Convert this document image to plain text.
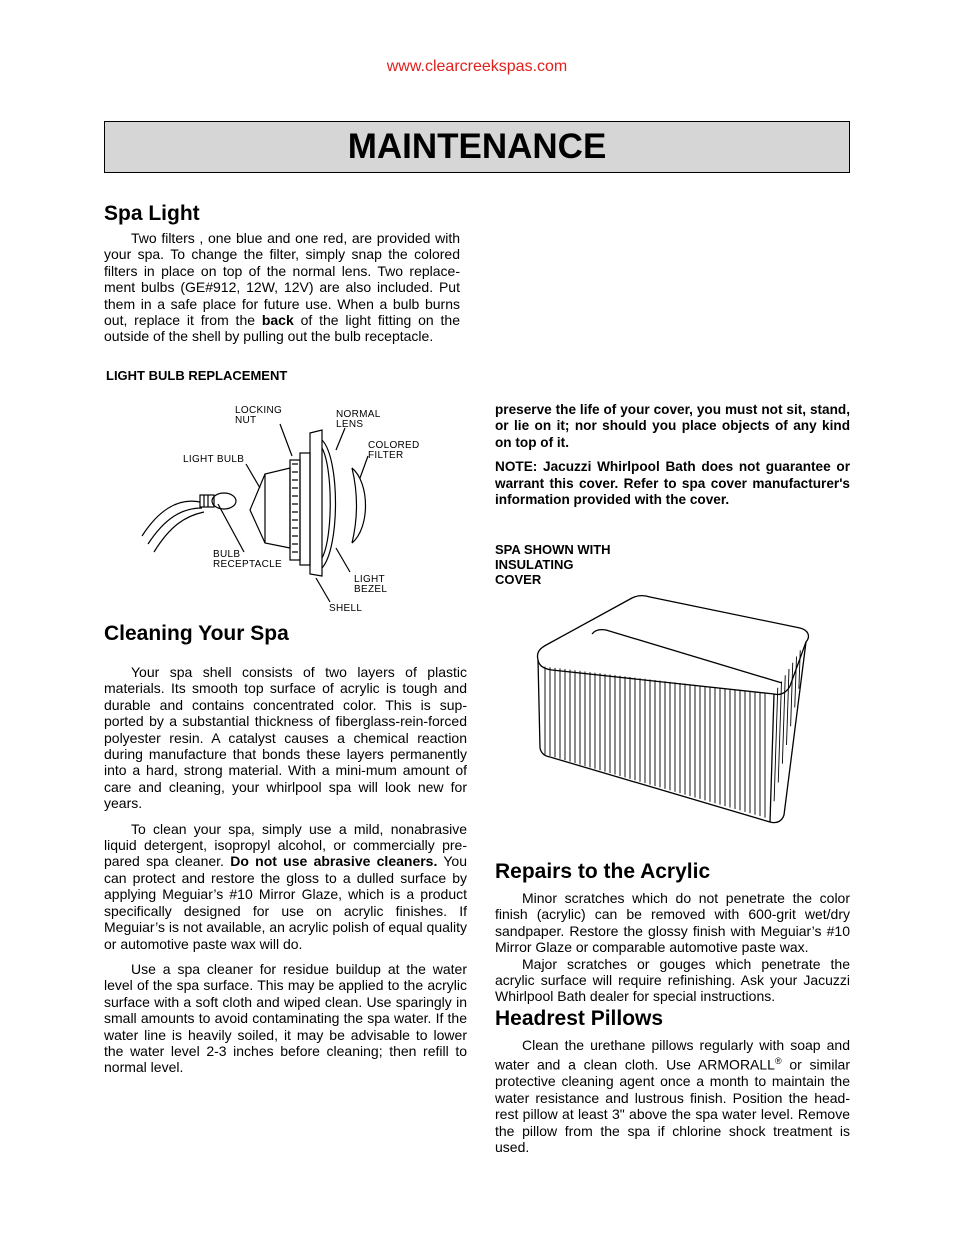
www.clearcreekspas.com
MAINTENANCE
Spa Light

Two filters , one blue and one red, are provided with your spa. To change the filter, simply snap the colored filters in place on top of the normal lens. Two replace-ment bulbs (GE#912, 12W, 12V) are also included. Put them in a safe place for future use. When a bulb burns out, replace it from the back of the light fitting on the outside of the shell by pulling out the bulb receptacle.

LIGHT BULB REPLACEMENT
LOCKING
NUT
NORMAL
LENS
COLORED
FILTER
LIGHT BULB
BULB
RECEPTACLE
LIGHT
BEZEL
SHELL
Cleaning Your Spa

Your spa shell consists of two layers of plastic materials. Its smooth top surface of acrylic is tough and durable and contains concentrated color. This is sup-ported by a substantial thickness of fiberglass-rein-forced polyester resin. A catalyst causes a chemical reaction during manufacture that bonds these layers permanently into a hard, strong material. With a mini-mum amount of care and cleaning, your whirlpool spa will look new for years.

To clean your spa, simply use a mild, nonabrasive liquid detergent, isopropyl alcohol, or commercially pre-pared spa cleaner. Do not use abrasive cleaners. You can protect and restore the gloss to a dulled surface by applying Meguiar’s #10 Mirror Glaze, which is a product specifically designed for use on acrylic finishes. If Meguiar’s is not available, an acrylic polish of equal quality or automotive paste wax will do.

Use a spa cleaner for residue buildup at the water level of the spa surface. This may be applied to the acrylic surface with a soft cloth and wiped clean. Use sparingly in small amounts to avoid contaminating the spa water. If the water line is heavily soiled, it may be advisable to lower the water level 2-3 inches before cleaning; then refill to normal level.

preserve the life of your cover, you must not sit, stand, or lie on it; nor should you place objects of any kind on top of it.

NOTE: Jacuzzi Whirlpool Bath does not guarantee or warrant this cover. Refer to spa cover manufacturer's information provided with the cover.

SPA SHOWN WITH
INSULATING
COVER
Repairs to the Acrylic

Minor scratches which do not penetrate the color finish (acrylic) can be removed with 600-grit wet/dry sandpaper. Restore the glossy finish with Meguiar’s #10 Mirror Glaze or comparable automotive paste wax.

Major scratches or gouges which penetrate the acrylic surface will require refinishing. Ask your Jacuzzi Whirlpool Bath dealer for special instructions.

Headrest Pillows

Clean the urethane pillows regularly with soap and water and a clean cloth. Use ARMORALL® or similar protective cleaning agent once a month to maintain the water resistance and lustrous finish. Position the head-rest pillow at least 3" above the spa water level. Remove the pillow from the spa if chlorine shock treatment is used.
